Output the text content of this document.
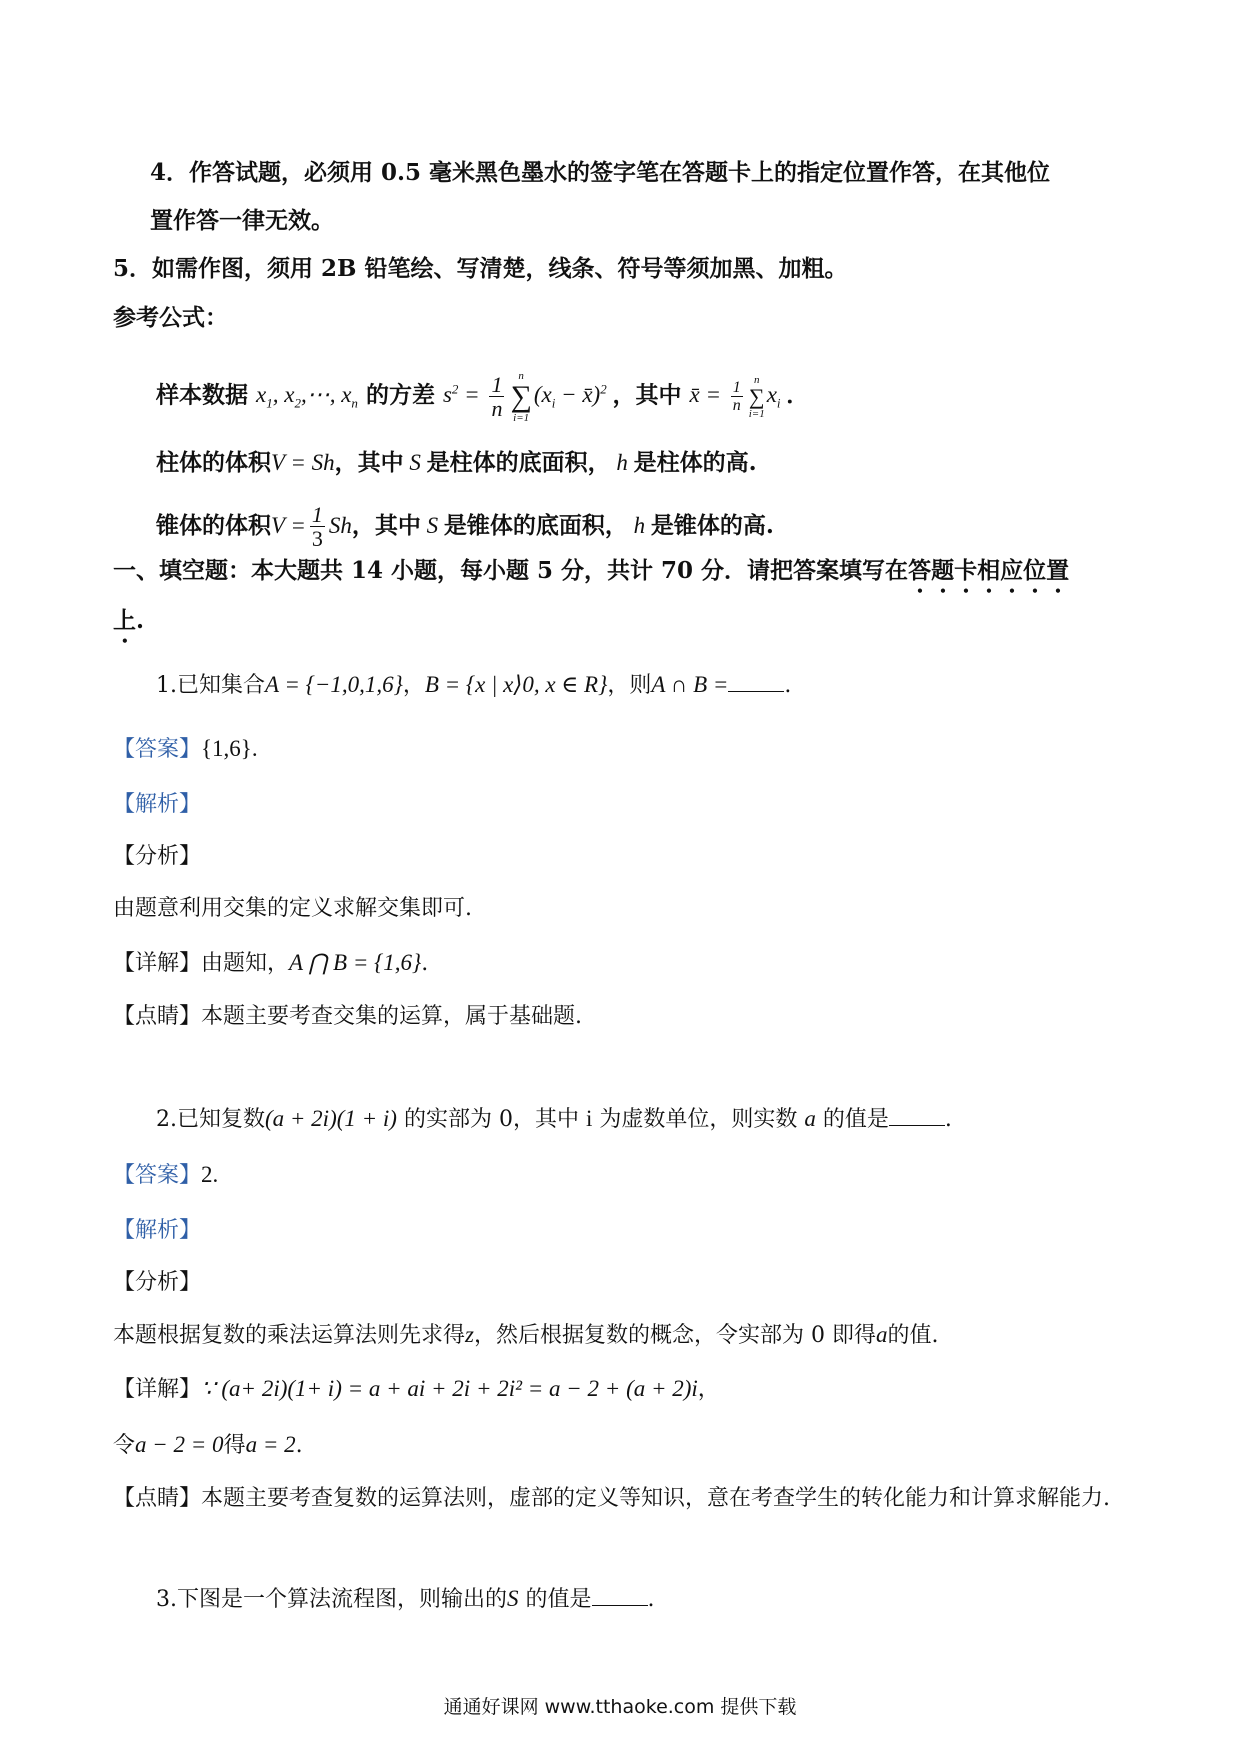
4．作答试题，必须用 0.5 毫米黑色墨水的签字笔在答题卡上的指定位置作答，在其他位
置作答一律无效。
5．如需作图，须用 2B 铅笔绘、写清楚，线条、符号等须加黑、加粗。
参考公式：
样本数据 $x_1$, $x_2,\cdots$, $x_n$ 的方差 $s^2 = \frac{1}{n}$	n
∑
i=1
($x_i$ − x̄)$^2$ ，其中 x̄ = $\frac{1}{n}$	n
∑
i=1
$x_i$ ．
柱体的体积V = Sh，其中 S 是柱体的底面积， h 是柱体的高.
锥体的体积$V = \frac{1}{3}$ Sh，其中 S 是锥体的底面积， h 是锥体的高.
一、填空题：本大题共 14 小题，每小题 5 分，共计 70 分．请把答案填写在答题卡相应位置
上.
1.已知集合A = {−1,0,1,6}，B = {x | x⟩0, x ∈ R}，则A ∩ B =	.
【答案】{1,6}.
【解析】
【分析】
由题意利用交集的定义求解交集即可.
【详解】由题知，A ⋂ B = {1,6}.
【点睛】本题主要考查交集的运算，属于基础题.
2.已知复数(a + 2i)(1 + i) 的实部为 0，其中 i 为虚数单位，则实数 a 的值是	.
【答案】2.
【解析】
【分析】
本题根据复数的乘法运算法则先求得z，然后根据复数的概念，令实部为 0 即得a的值.
【详解】∵ (a+ 2i)(1+ i) = a + ai + 2i + 2i² = a − 2 + (a + 2)i，
令a − 2 = 0得a = 2.
【点睛】本题主要考查复数的运算法则，虚部的定义等知识，意在考查学生的转化能力和计算求解能力.
3.下图是一个算法流程图，则输出的S 的值是	.
通通好课网 www.tthaoke.com 提供下载
